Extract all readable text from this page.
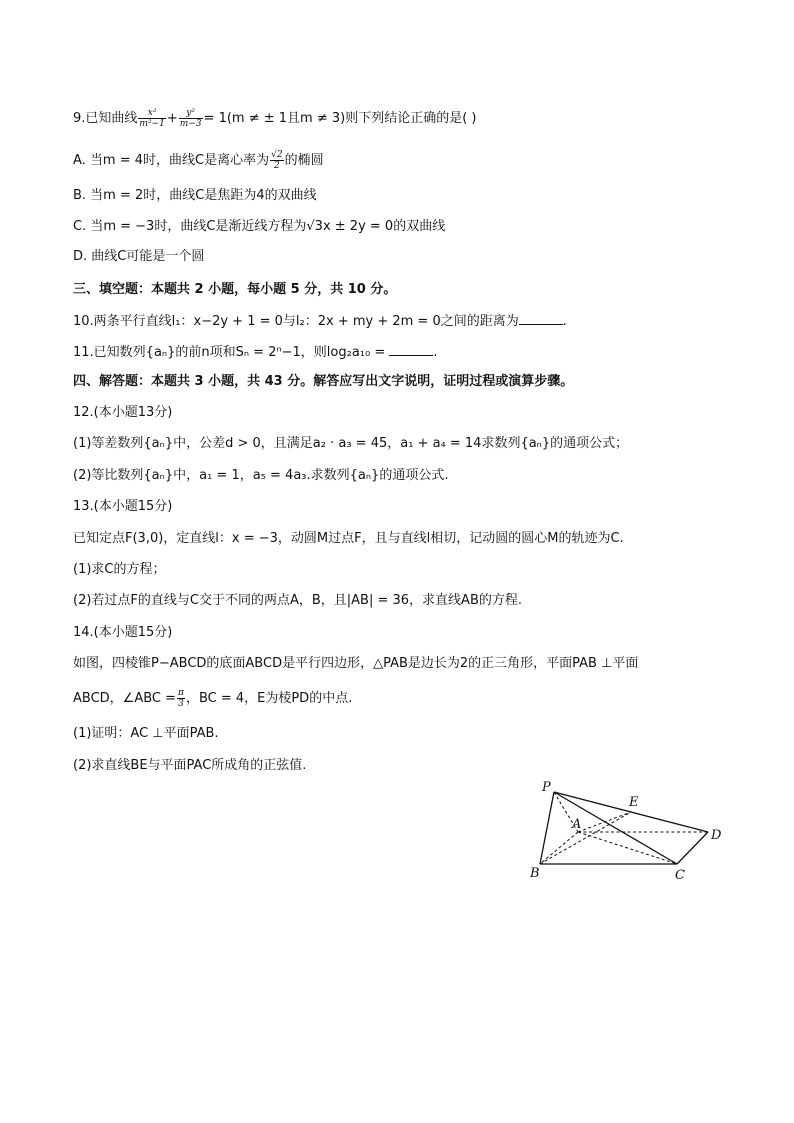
9.已知曲线 $\frac{\text{x²}}{\text{m²−1}} + \frac{\text{y²}}{m-3} = 1(m$ ≠ ± 1且m ≠ 3)则下列结论正确的是( )
A. 当m = 4时，曲线C是离心率为 $\frac{√2}{2}$ 的椭圆
B. 当m = 2时，曲线C是焦距为4的双曲线
C. 当m = −3时，曲线C是渐近线方程为√3x ± 2y = 0的双曲线
D. 曲线C可能是一个圆
三、填空题：本题共 2 小题，每小题 5 分，共 10 分。
10.两条平行直线l₁：x−2y + 1 = 0与l₂：2x + my + 2m = 0之间的距离为	.
11.已知数列{aₙ}的前n项和Sₙ = 2ⁿ−1，则log₂a₁₀ =	.
四、解答题：本题共 3 小题，共 43 分。解答应写出文字说明，证明过程或演算步骤。
12.(本小题13分)
(1)等差数列{aₙ}中，公差d > 0，且满足a₂ · a₃ = 45，a₁ + a₄ = 14求数列{aₙ}的通项公式；
(2)等比数列{aₙ}中，a₁ = 1，a₅ = 4a₃.求数列{aₙ}的通项公式.
13.(本小题15分)
已知定点F(3,0)，定直线l：x = −3，动圆M过点F，且与直线l相切，记动圆的圆心M的轨迹为C.
(1)求C的方程；
(2)若过点F的直线与C交于不同的两点A，B，且|AB| = 36，求直线AB的方程.
14.(本小题15分)
如图，四棱锥P−ABCD的底面ABCD是平行四边形，△PAB是边长为2的正三角形，平面PAB ⊥平面
ABCD，∠ABC = $\frac{\pi}{3}$ ，BC = 4，E为棱PD的中点.
(1)证明：AC ⊥平面PAB.
(2)求直线BE与平面PAC所成角的正弦值.
P
E
A
D
B	C
